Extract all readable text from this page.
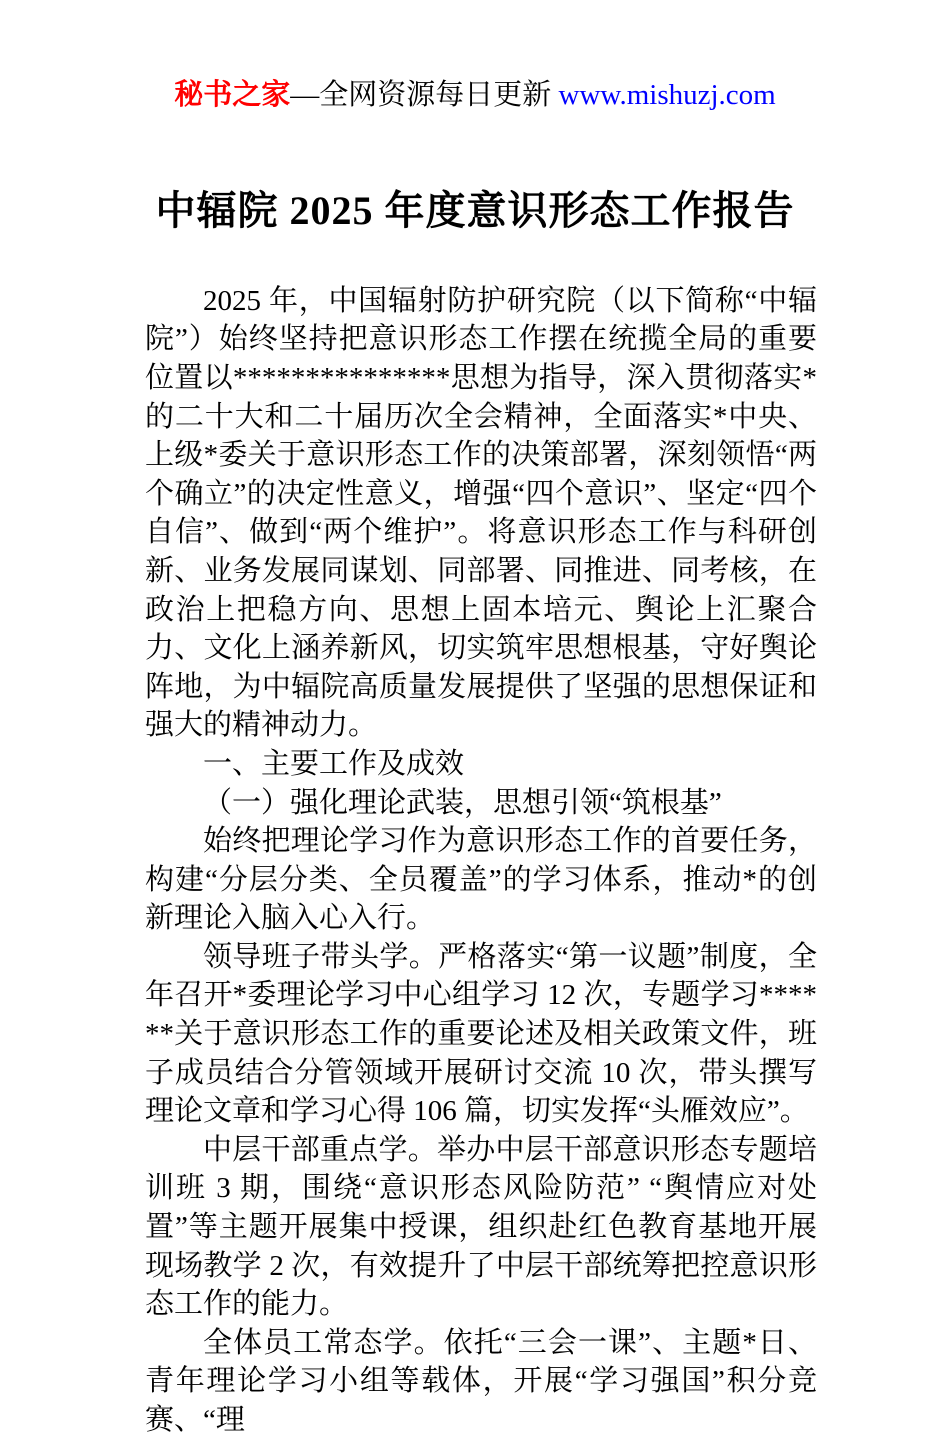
秘书之家—全网资源每日更新 www.mishuzj.com
中辐院 2025 年度意识形态工作报告

2025 年，中国辐射防护研究院（以下简称“中辐院”）始终坚持把意识形态工作摆在统揽全局的重要位置以***************思想为指导，深入贯彻落实*的二十大和二十届历次全会精神，全面落实*中央、上级*委关于意识形态工作的决策部署，深刻领悟“两个确立”的决定性意义，增强“四个意识”、坚定“四个自信”、做到“两个维护”。将意识形态工作与科研创新、业务发展同谋划、同部署、同推进、同考核，在政治上把稳方向、思想上固本培元、舆论上汇聚合力、文化上涵养新风，切实筑牢思想根基，守好舆论阵地，为中辐院高质量发展提供了坚强的思想保证和强大的精神动力。

一、主要工作及成效

（一）强化理论武装，思想引领“筑根基”

始终把理论学习作为意识形态工作的首要任务，构建“分层分类、全员覆盖”的学习体系，推动*的创新理论入脑入心入行。

领导班子带头学。严格落实“第一议题”制度，全年召开*委理论学习中心组学习 12 次，专题学习******关于意识形态工作的重要论述及相关政策文件，班子成员结合分管领域开展研讨交流 10 次，带头撰写理论文章和学习心得 106 篇，切实发挥“头雁效应”。

中层干部重点学。举办中层干部意识形态专题培训班 3 期，围绕“意识形态风险防范” “舆情应对处置”等主题开展集中授课，组织赴红色教育基地开展现场教学 2 次，有效提升了中层干部统筹把控意识形态工作的能力。

全体员工常态学。依托“三会一课”、主题*日、青年理论学习小组等载体，开展“学习强国”积分竞赛、“理
